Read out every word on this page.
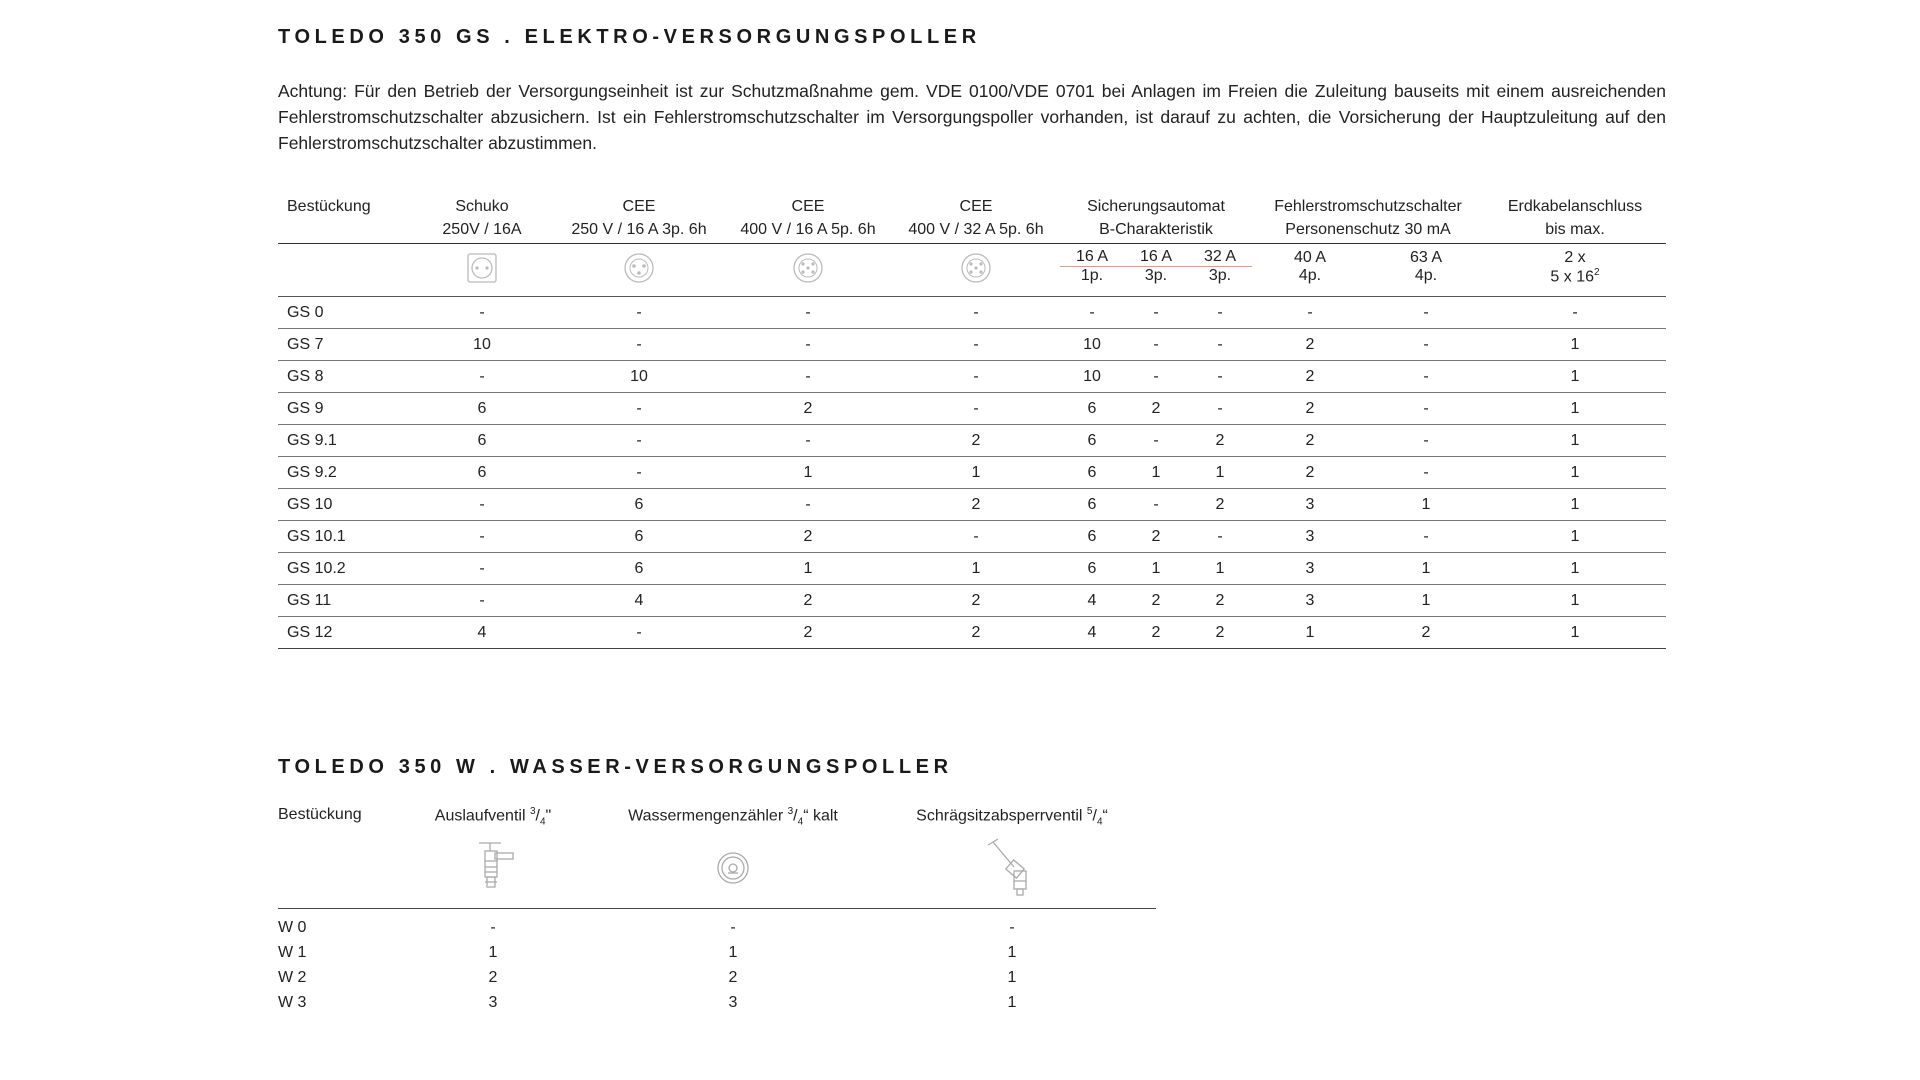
TOLEDO 350 GS . ELEKTRO-VERSORGUNGSPOLLER

Achtung: Für den Betrieb der Versorgungseinheit ist zur Schutzmaßnahme gem. VDE 0100/VDE 0701 bei Anlagen im Freien die Zuleitung bauseits mit einem ausreichenden Fehlerstromschutzschalter abzusichern. Ist ein Fehlerstromschutzschalter im Versorgungspoller vorhanden, ist darauf zu achten, die Vorsicherung der Hauptzuleitung auf den Fehlerstromschutzschalter abzustimmen.

Bestückung	Schuko	CEE	CEE	CEE	Sicherungsautomat			Fehlerstromschutzschalter		Erdkabelanschluss
	250V / 16A	250 V / 16 A 3p. 6h	400 V / 16 A 5p. 6h	400 V / 32 A 5p. 6h	B-Charakteristik			Personenschutz 30 mA		bis max.
					16 A	16 A	32 A	40 A	63 A	2 x
					1p.	3p.	3p.	4p.	4p.	5 x $16^2$
GS 0	-	-	-	-	-	-	-	-	-	-
GS 7	10	-	-	-	10	-	-	2	-	1
GS 8	-	10	-	-	10	-	-	2	-	1
GS 9	6	-	2	-	6	2	-	2	-	1
GS 9.1	6	-	-	2	6	-	2	2	-	1
GS 9.2	6	-	1	1	6	1	1	2	-	1
GS 10	-	6	-	2	6	-	2	3	1	1
GS 10.1	-	6	2	-	6	2	-	3	-	1
GS 10.2	-	6	1	1	6	1	1	3	1	1
GS 11	-	4	2	2	4	2	2	3	1	1
GS 12	4	-	2	2	4	2	2	1	2	1
TOLEDO 350 W . WASSER-VERSORGUNGSPOLLER
Bestückung	Auslaufventil $^3/_4$"	Wassermengenzähler $^3/_4“$ kalt	Schrägsitzabsperrventil $^5/_4“$	

W 0	-	-	-	
W 1	1	1	1	
W 2	2	2	1	
W 3	3	3	1	
